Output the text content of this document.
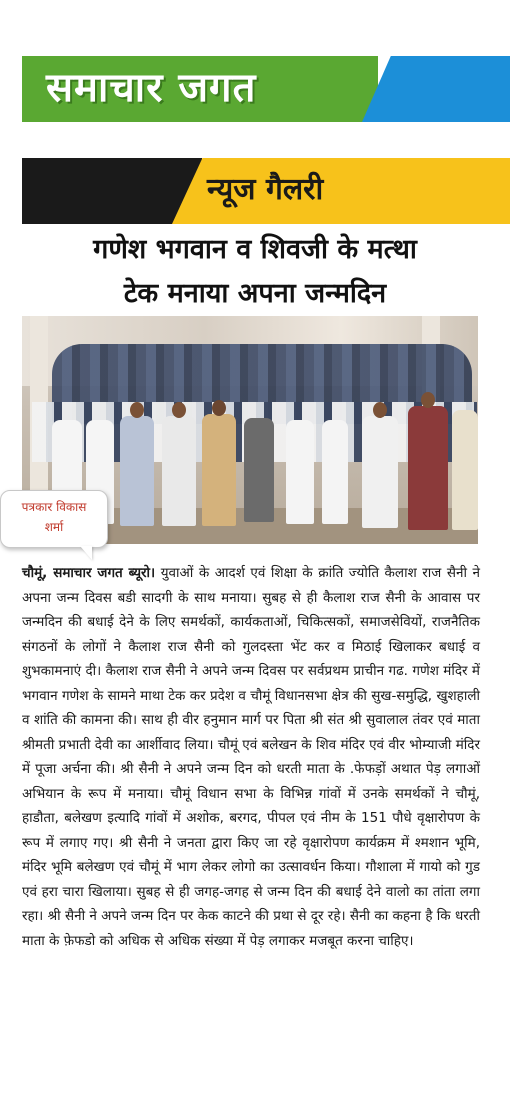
समाचार जगत
न्यूज गैलरी
गणेश भगवान व शिवजी के मत्था
टेक मनाया अपना जन्मदिन
पत्रकार विकास
शर्मा
चौमूं, समाचार जगत ब्यूरो। युवाओं के आदर्श एवं शिक्षा के क्रांति ज्योति कैलाश राज सैनी ने अपना जन्म दिवस बडी सादगी के साथ मनाया। सुबह से ही कैलाश राज सैनी के आवास पर जन्मदिन की बधाई देने के लिए समर्थकों, कार्यकताओं, चिकित्सकों, समाजसेवियों, राजनैतिक संगठनों के लोगों ने कैलाश राज सैनी को गुलदस्ता भेंट कर व मिठाई खिलाकर बधाई व शुभकामनाएं दी। कैलाश राज सैनी ने अपने जन्म दिवस पर सर्वप्रथम प्राचीन गढ. गणेश मंदिर में भगवान गणेश के सामने माथा टेक कर प्रदेश व चौमूं विधानसभा क्षेत्र की सुख-समुद्धि, खुशहाली व शांति की कामना की। साथ ही वीर हनुमान मार्ग पर पिता श्री संत श्री सुवालाल तंवर एवं माता श्रीमती प्रभाती देवी का आर्शीवाद लिया। चौमूं एवं बलेखन के शिव मंदिर एवं वीर भोम्याजी मंदिर में पूजा अर्चना की। श्री सैनी ने अपने जन्म दिन को धरती माता के .फेफड़ों अथात पेड़ लगाओं अभियान के रूप में मनाया। चौमूं विधान सभा के विभिन्न गांवों में उनके समर्थकों ने चौमूं, हाडौता, बलेखण इत्यादि गांवों में अशोक, बरगद, पीपल एवं नीम के 151 पौधे वृक्षारोपण के रूप में लगाए गए। श्री सैनी ने जनता द्वारा किए जा रहे वृक्षारोपण कार्यक्रम में श्मशान भूमि, मंदिर भूमि बलेखण एवं चौमूं में भाग लेकर लोगो का उत्सावर्धन किया। गौशाला में गायो को गुड एवं हरा चारा खिलाया। सुबह से ही जगह-जगह से जन्म दिन की बधाई देने वालो का तांता लगा रहा। श्री सैनी ने अपने जन्म दिन पर केक काटने की प्रथा से दूर रहे। सैनी का कहना है कि धरती माता के फ़ेफडो को अधिक से अधिक संख्या में पेड़ लगाकर मजबूत करना चाहिए।
